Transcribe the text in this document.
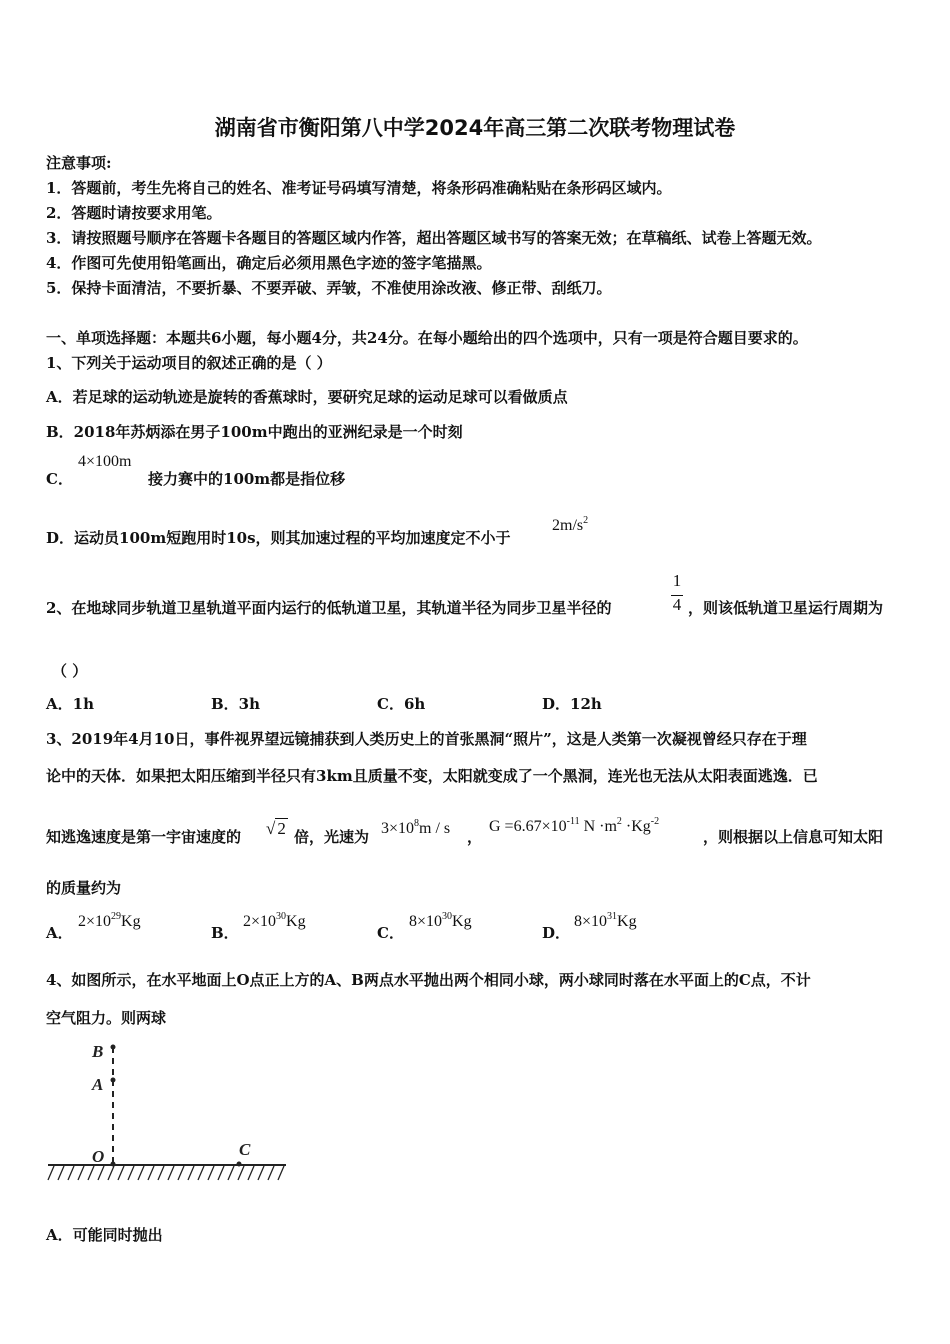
湖南省市衡阳第八中学2024年高三第二次联考物理试卷
注意事项:
1．答题前，考生先将自己的姓名、准考证号码填写清楚，将条形码准确粘贴在条形码区域内。
2．答题时请按要求用笔。
3．请按照题号顺序在答题卡各题目的答题区域内作答，超出答题区域书写的答案无效；在草稿纸、试卷上答题无效。
4．作图可先使用铅笔画出，确定后必须用黑色字迹的签字笔描黑。
5．保持卡面清洁，不要折暴、不要弄破、弄皱，不准使用涂改液、修正带、刮纸刀。
一、单项选择题：本题共6小题，每小题4分，共24分。在每小题给出的四个选项中，只有一项是符合题目要求的。
1、下列关于运动项目的叙述正确的是（ ）
A．若足球的运动轨迹是旋转的香蕉球时，要研究足球的运动足球可以看做质点
B．2018年苏炳添在男子100m中跑出的亚洲纪录是一个时刻
C．
4×100m
接力赛中的100m都是指位移
D．运动员100m短跑用时10s，则其加速过程的平均加速度定不小于
$2m/s^2$
2、在地球同步轨道卫星轨道平面内运行的低轨道卫星，其轨道半径为同步卫星半径的
1
4 ，则该低轨道卫星运行周期为
（ ）
A．1h	B．3h	C．6h	D．12h
3、2019年4月10日，事件视界望远镜捕获到人类历史上的首张黑洞“照片”，这是人类第一次凝视曾经只存在于理
论中的天体．如果把太阳压缩到半径只有3km且质量不变，太阳就变成了一个黑洞，连光也无法从太阳表面逃逸．已
知逃逸速度是第一宇宙速度的 √ 2 倍，光速为 $3\times 10^8m / s$ ，
$G =6.67\times 10^{-11}$ $N \cdot m^2 \cdot Kg^{-2}$
，则根据以上信息可知太阳
的质量约为
A．
$2\times 10^{29}Kg$
B．
$2\times 10^{30}Kg$
C．
$8\times 10^{30}Kg$
D．
$8\times 10^{31}Kg$
4、如图所示，在水平地面上O点正上方的A、B两点水平抛出两个相同小球，两小球同时落在水平面上的C点，不计
空气阻力。则两球
B
A
O	C
A．可能同时抛出
